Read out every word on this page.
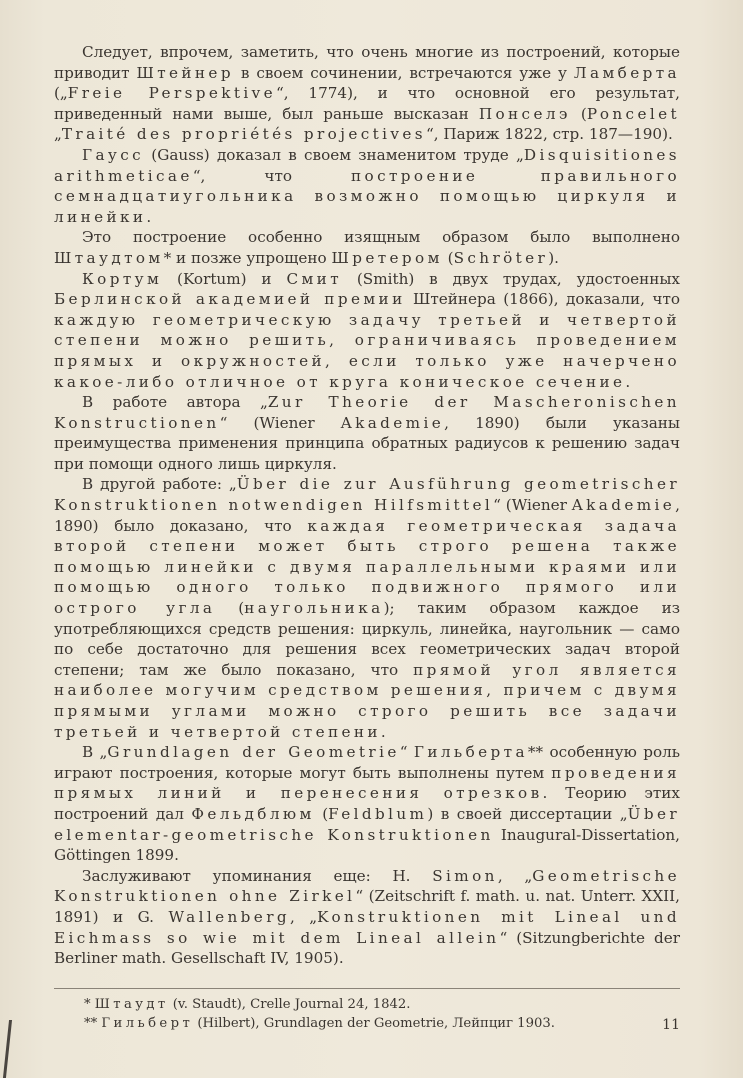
Следует, впрочем, заметить, что очень многие из построений, которые приводит Штейнер в своем сочинении, встречаются уже у Ламберта („Freie Perspektive“, 1774), и что основной его результат, приведенный нами выше, был раньше высказан Понселэ (Poncelet „Traité des propriétés projectives“, Париж 1822, стр. 187—190).

Гаусс (Gauss) доказал в своем знаменитом труде „Disquisitiones arithmeticae“, что построение правильного семнадцатиугольника возможно помощью циркуля и линейки.

Это построение особенно изящным образом было выполнено Штаудтом* и позже упрощено Шретером (Schröter).

Кортум (Kortum) и Смит (Smith) в двух трудах, удостоенных Берлинской академией премии Штейнера (1866), доказали, что каждую геометрическую задачу третьей и четвертой степени можно решить, ограничиваясь проведением прямых и окружностей, если только уже начерчено какое-либо отличное от круга коническое сечение.

В работе автора „Zur Theorie der Mascheronischen Konstructionen“ (Wiener Akademie, 1890) были указаны преимущества применения принципа обратных радиусов к решению задач при помощи одного лишь циркуля.

В другой работе: „Über die zur Ausführung geometrischer Konstruktionen notwendigen Hilfsmittel“ (Wiener Akademie, 1890) было доказано, что каждая геометрическая задача второй степени может быть строго решена также помощью линейки с двумя параллельными краями или помощью одного только подвижного прямого или острого угла (наугольника); таким образом каждое из употребляющихся средств решения: циркуль, линейка, наугольник — само по себе достаточно для решения всех геометрических задач второй степени; там же было показано, что прямой угол является наиболее могучим средством решения, причем с двумя прямыми углами можно строго решить все задачи третьей и четвертой степени.

В „Grundlagen der Geometrie“ Гильберта** особенную роль играют построения, которые могут быть выполнены путем проведения прямых линий и перенесения отрезков. Теорию этих построений дал Фельдблюм (Feldblum) в своей диссертации „Über elementar-geometrische Konstruktionen Inaugural-Dissertation, Göttingen 1899.

Заслуживают упоминания еще: H. Simon, „Geometrische Konstruktionen ohne Zirkel“ (Zeitschrift f. math. u. nat. Unterr. XXII, 1891) и G. Wallenberg, „Konstruktionen mit Lineal und Eichmass so wie mit dem Lineal allein“ (Sitzungberichte der Berliner math. Gesellschaft IV, 1905).

* Штаудт (v. Staudt), Crelle Journal 24, 1842.

** Гильберт (Hilbert), Grundlagen der Geometrie, Лейпциг 1903.	11
